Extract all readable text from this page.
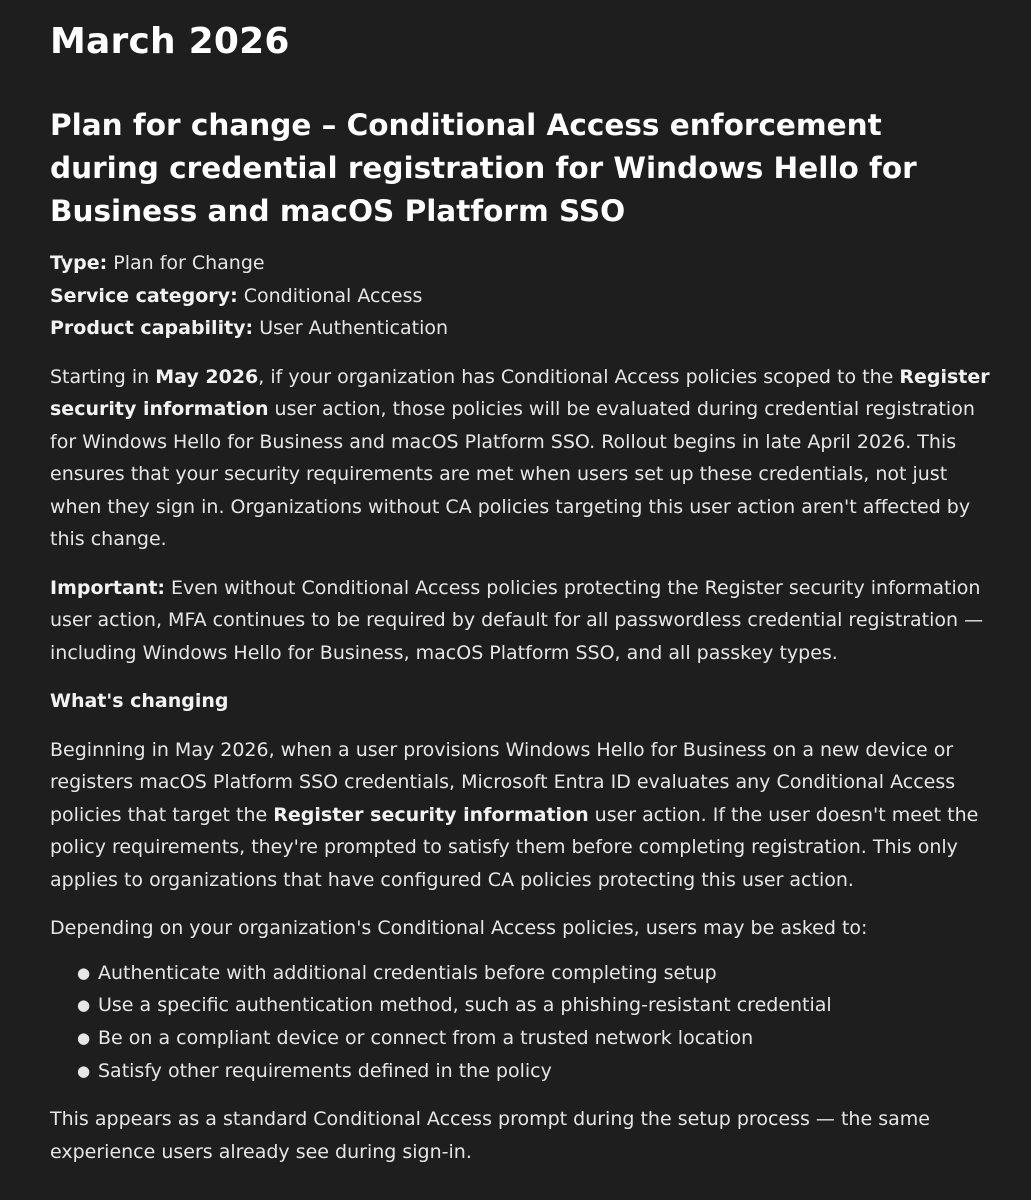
March 2026
Plan for change – Conditional Access enforcement during credential registration for Windows Hello for Business and macOS Platform SSO
Type: Plan for Change
Service category: Conditional Access
Product capability: User Authentication

Starting in May 2026, if your organization has Conditional Access policies scoped to the Register security information user action, those policies will be evaluated during credential registration for Windows Hello for Business and macOS Platform SSO. Rollout begins in late April 2026. This ensures that your security requirements are met when users set up these credentials, not just when they sign in. Organizations without CA policies targeting this user action aren't affected by this change.

Important: Even without Conditional Access policies protecting the Register security information user action, MFA continues to be required by default for all passwordless credential registration — including Windows Hello for Business, macOS Platform SSO, and all passkey types.

What's changing

Beginning in May 2026, when a user provisions Windows Hello for Business on a new device or registers macOS Platform SSO credentials, Microsoft Entra ID evaluates any Conditional Access policies that target the Register security information user action. If the user doesn't meet the policy requirements, they're prompted to satisfy them before completing registration. This only applies to organizations that have configured CA policies protecting this user action.

Depending on your organization's Conditional Access policies, users may be asked to:

● Authenticate with additional credentials before completing setup
● Use a specific authentication method, such as a phishing-resistant credential
● Be on a compliant device or connect from a trusted network location
● Satisfy other requirements defined in the policy

This appears as a standard Conditional Access prompt during the setup process — the same experience users already see during sign-in.
